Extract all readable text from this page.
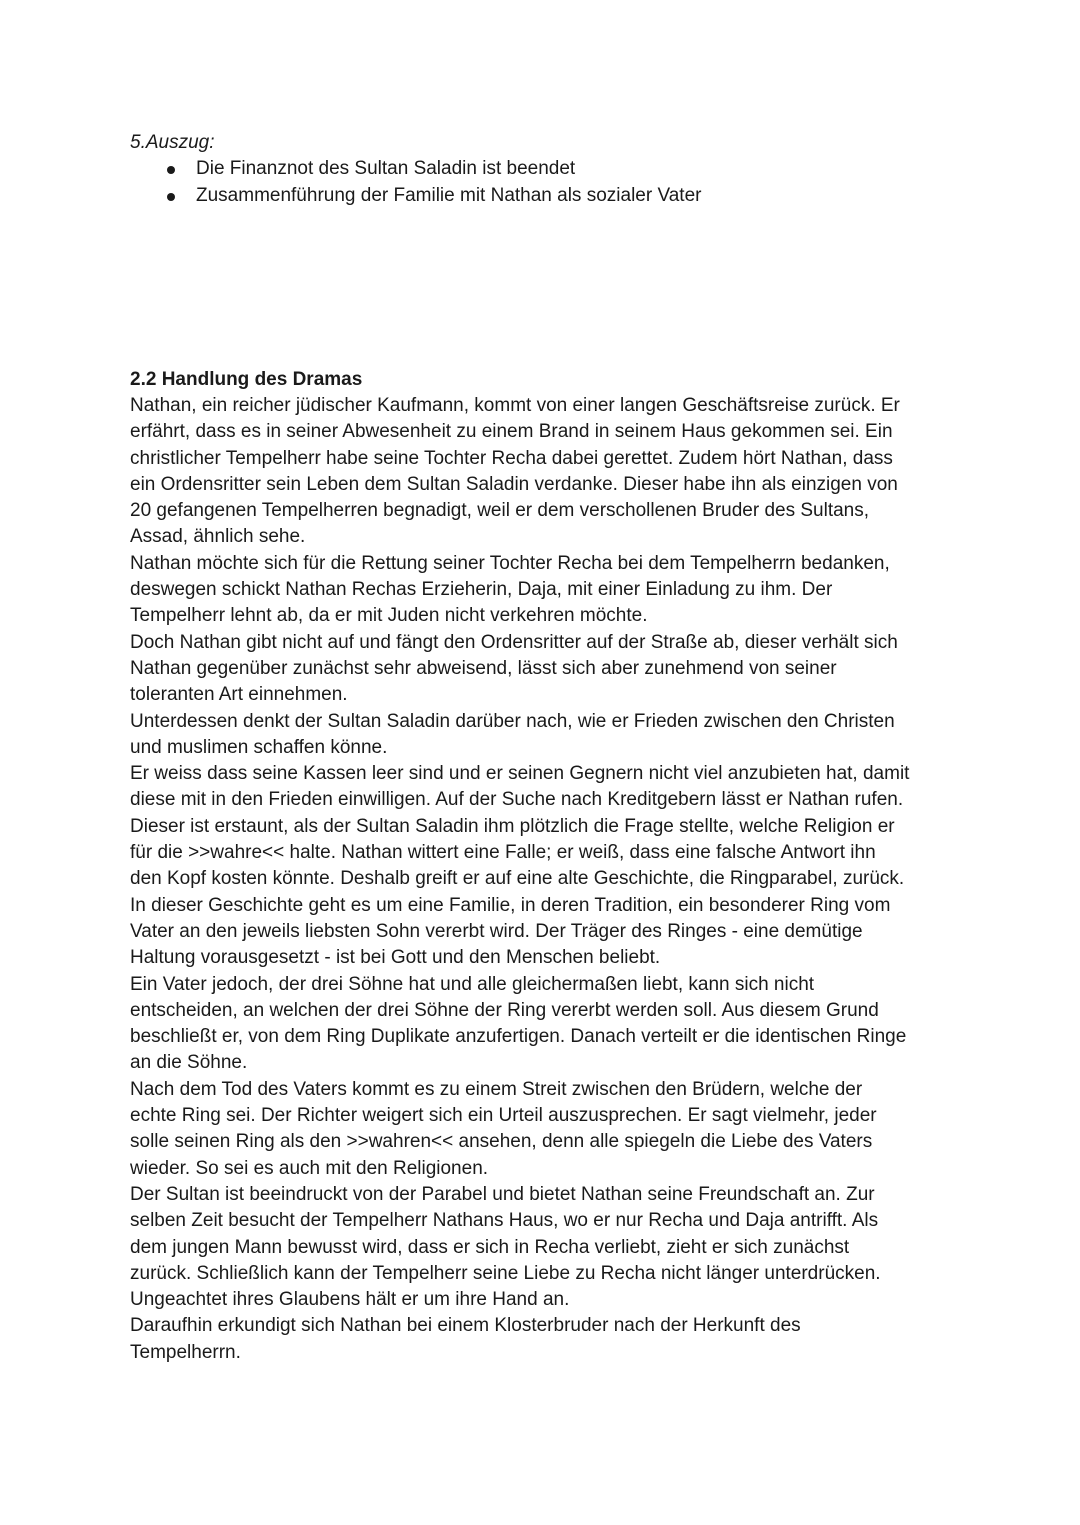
5.Auszug:

Die Finanznot des Sultan Saladin ist beendet
Zusammenführung der Familie mit Nathan als sozialer Vater
2.2 Handlung des Dramas
Nathan, ein reicher jüdischer Kaufmann, kommt von einer langen Geschäftsreise zurück. Er
erfährt, dass es in seiner Abwesenheit zu einem Brand in seinem Haus gekommen sei. Ein
christlicher Tempelherr habe seine Tochter Recha dabei gerettet. Zudem hört Nathan, dass
ein Ordensritter sein Leben dem Sultan Saladin verdanke. Dieser habe ihn als einzigen von
20 gefangenen Tempelherren begnadigt, weil er dem verschollenen Bruder des Sultans,
Assad, ähnlich sehe.
Nathan möchte sich für die Rettung seiner Tochter Recha bei dem Tempelherrn bedanken,
deswegen schickt Nathan Rechas Erzieherin, Daja, mit einer Einladung zu ihm. Der
Tempelherr lehnt ab, da er mit Juden nicht verkehren möchte.
Doch Nathan gibt nicht auf und fängt den Ordensritter auf der Straße ab, dieser verhält sich
Nathan gegenüber zunächst sehr abweisend, lässt sich aber zunehmend von seiner
toleranten Art einnehmen.
Unterdessen denkt der Sultan Saladin darüber nach, wie er Frieden zwischen den Christen
und muslimen schaffen könne.
Er weiss dass seine Kassen leer sind und er seinen Gegnern nicht viel anzubieten hat, damit
diese mit in den Frieden einwilligen. Auf der Suche nach Kreditgebern lässt er Nathan rufen.
Dieser ist erstaunt, als der Sultan Saladin ihm plötzlich die Frage stellte, welche Religion er
für die >>wahre<< halte. Nathan wittert eine Falle; er weiß, dass eine falsche Antwort ihn
den Kopf kosten könnte. Deshalb greift er auf eine alte Geschichte, die Ringparabel, zurück.
In dieser Geschichte geht es um eine Familie, in deren Tradition, ein besonderer Ring vom
Vater an den jeweils liebsten Sohn vererbt wird. Der Träger des Ringes - eine demütige
Haltung vorausgesetzt - ist bei Gott und den Menschen beliebt.
Ein Vater jedoch, der drei Söhne hat und alle gleichermaßen liebt, kann sich nicht
entscheiden, an welchen der drei Söhne der Ring vererbt werden soll. Aus diesem Grund
beschließt er, von dem Ring Duplikate anzufertigen. Danach verteilt er die identischen Ringe
an die Söhne.
Nach dem Tod des Vaters kommt es zu einem Streit zwischen den Brüdern, welche der
echte Ring sei. Der Richter weigert sich ein Urteil auszusprechen. Er sagt vielmehr, jeder
solle seinen Ring als den >>wahren<< ansehen, denn alle spiegeln die Liebe des Vaters
wieder. So sei es auch mit den Religionen.
Der Sultan ist beeindruckt von der Parabel und bietet Nathan seine Freundschaft an. Zur
selben Zeit besucht der Tempelherr Nathans Haus, wo er nur Recha und Daja antrifft. Als
dem jungen Mann bewusst wird, dass er sich in Recha verliebt, zieht er sich zunächst
zurück. Schließlich kann der Tempelherr seine Liebe zu Recha nicht länger unterdrücken.
Ungeachtet ihres Glaubens hält er um ihre Hand an.
Daraufhin erkundigt sich Nathan bei einem Klosterbruder nach der Herkunft des
Tempelherrn.
